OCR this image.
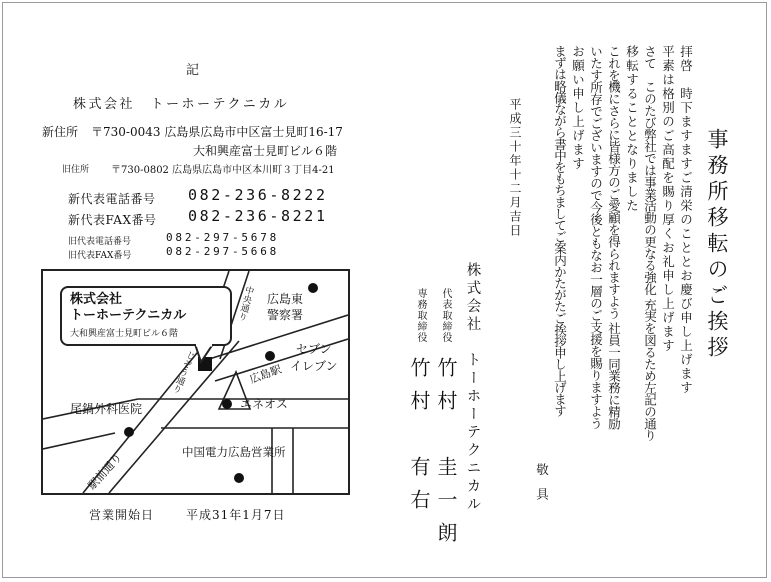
記
株式会社　トーホーテクニカル
新住所 〒730-0043 広島県広島市中区富士見町16-17
大和興産富士見町ビル６階
旧住所 〒730-0802 広島県広島市中区本川町３丁目4-21
新代表電話番号 082-236-8222
新代表FAX番号 082-236-8221
旧代表電話番号	082-297-5678
旧代表FAX番号	082-297-5668
株式会社
トーホーテクニカル
大和興産富士見町ビル６階
中央通り
じぞう通り
広島東
警察署
広島駅
セブン
イレブン
エネオス
尾鍋外科医院
中国電力広島営業所
駅前通り
営業開始日	平成31年1月7日
事務所移転のご挨拶
拝啓　時下ますますご清栄のこととお慶び申し上げます
平素は格別のご高配を賜り厚くお礼申し上げます
さて　このたび弊社では事業活動の更なる強化 充実を図るため左記の通り
移転することとなりました
これを機にさらに皆様方のご愛顧を得られますよう 社員一同業務に精励
いたす所存でございますので今後ともなお一層のご支援を賜りますよう
お願い申し上げます
まずは略儀ながら書中をもちましてご案内かたがたご挨拶申し上げます
敬具
平成三十年十二月吉日
株式会社　トーホーテクニカル
代表取締役
竹村　圭一朗
専務取締役
竹村　有右
